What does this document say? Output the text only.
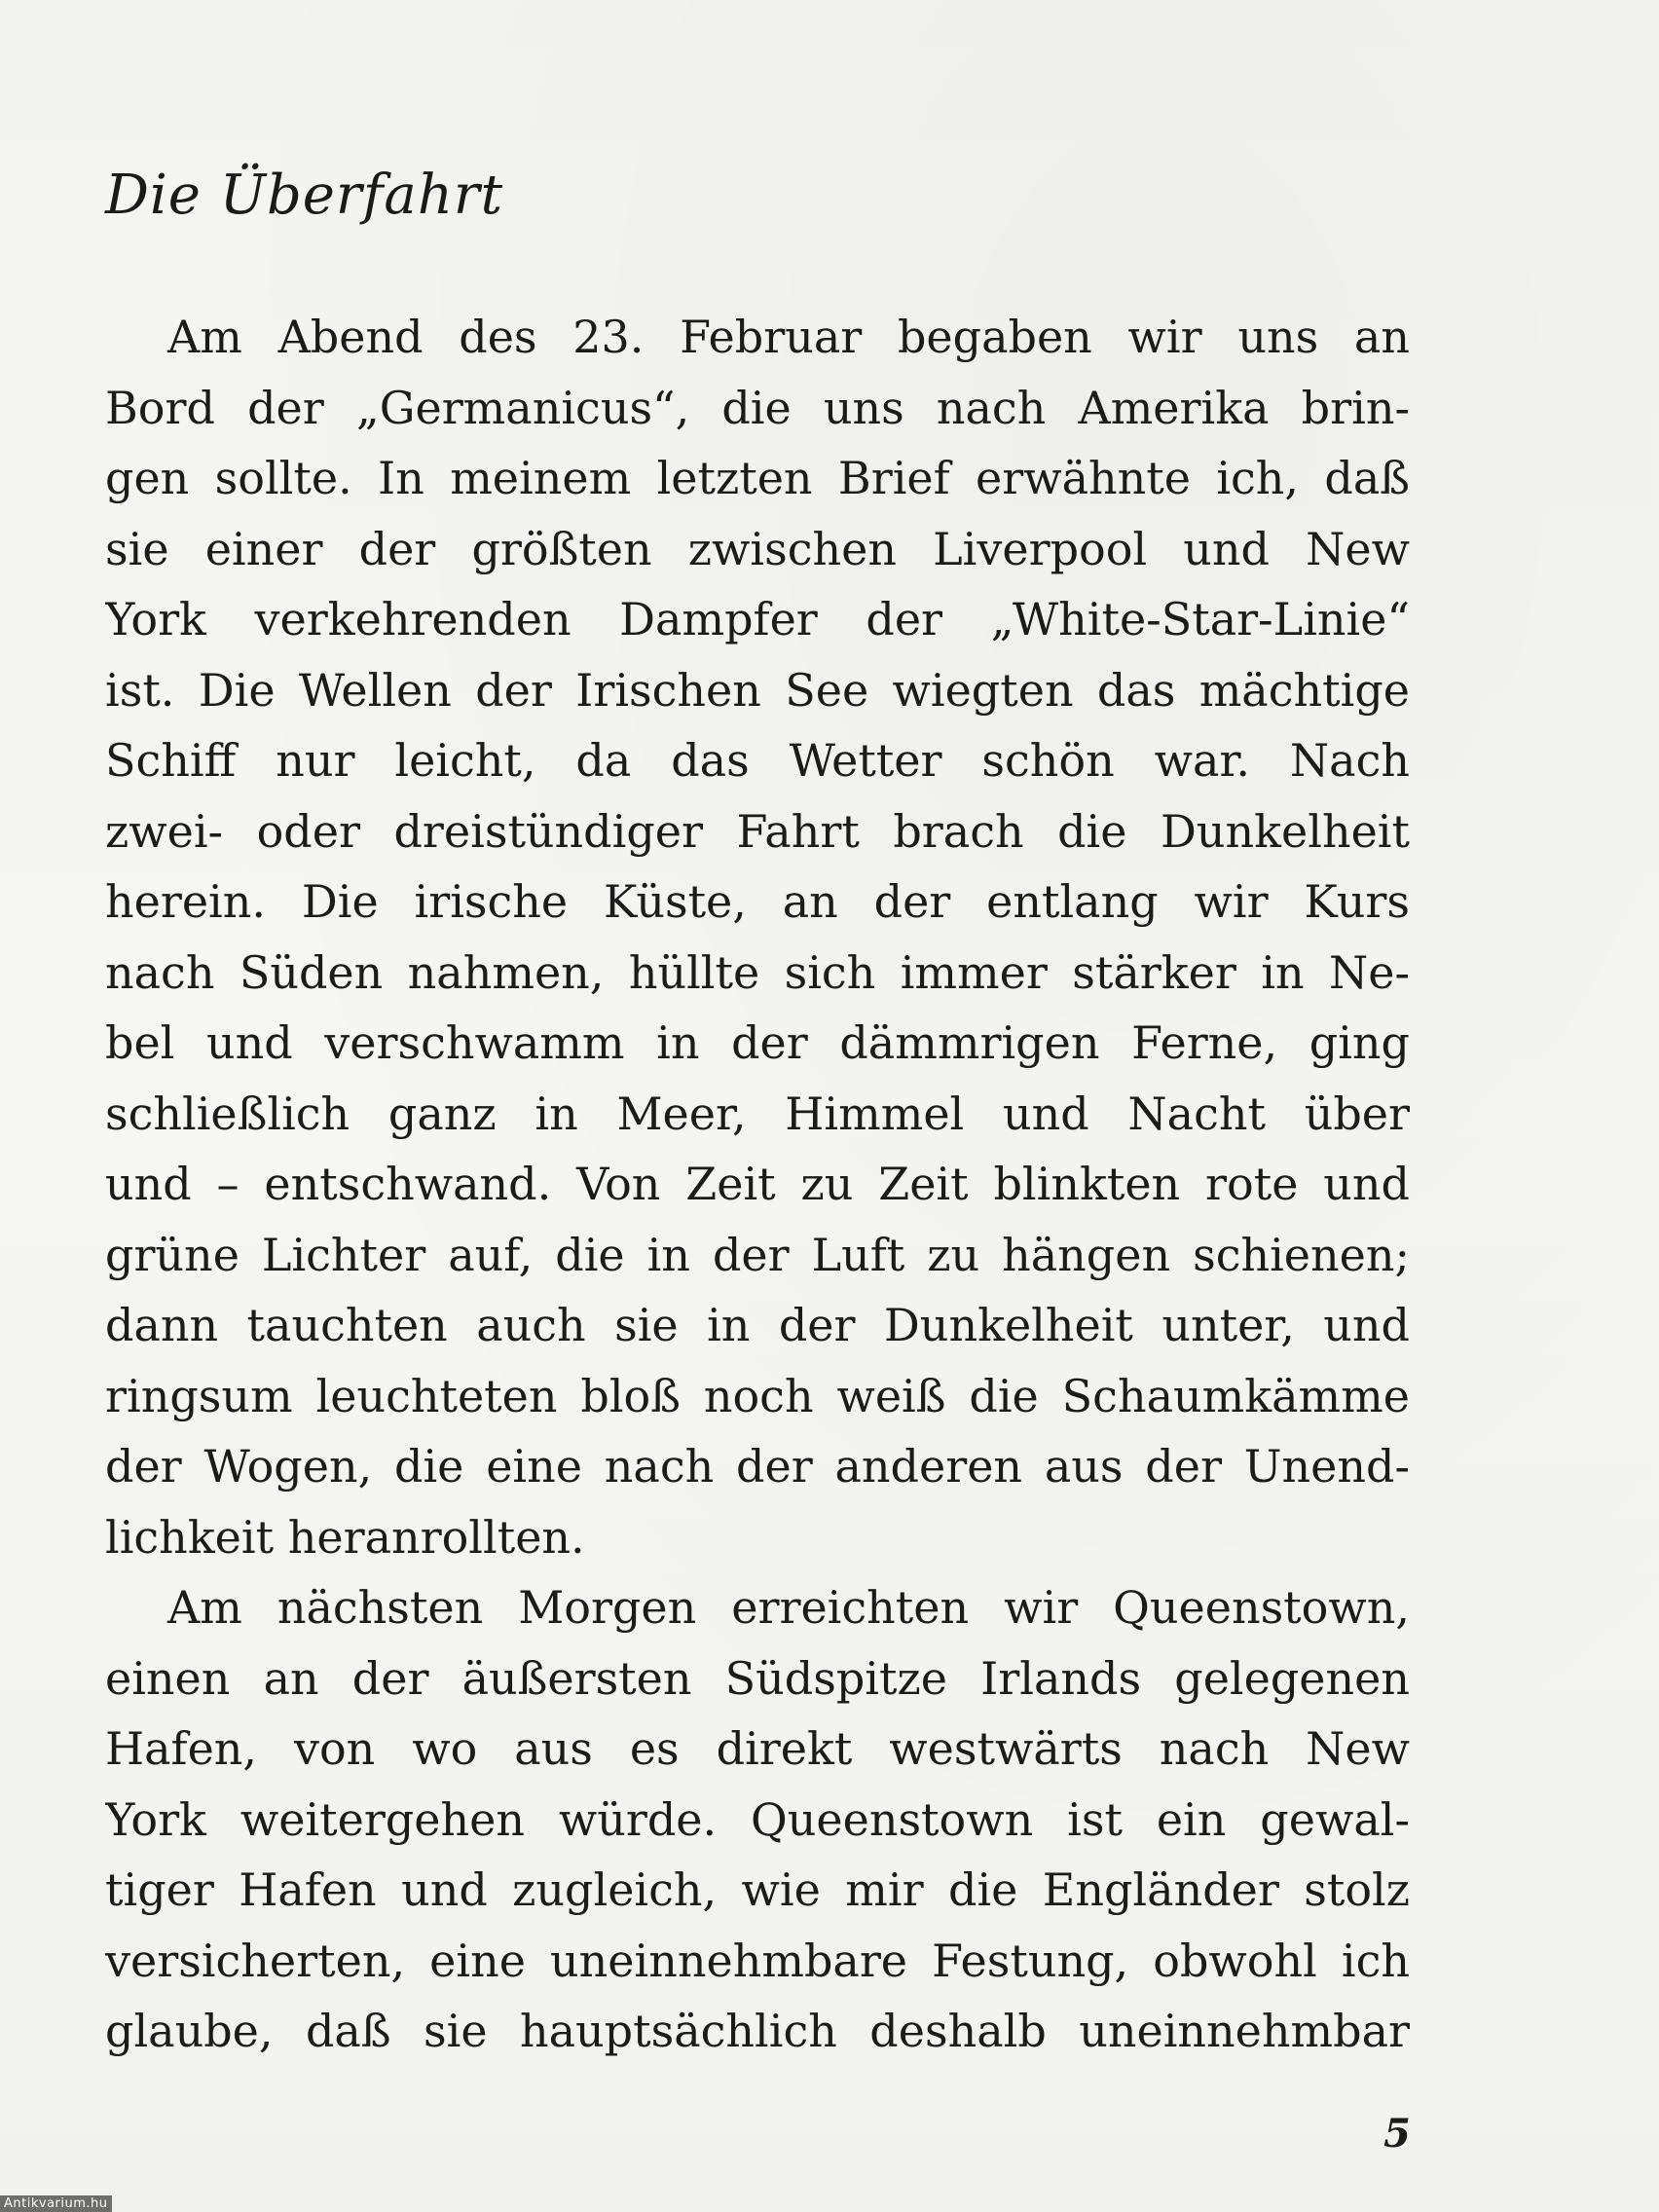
Die Überfahrt

Am Abend des 23. Februar begaben wir uns an
Bord der „Germanicus“, die uns nach Amerika brin-
gen sollte. In meinem letzten Brief erwähnte ich, daß
sie einer der größten zwischen Liverpool und New
York verkehrenden Dampfer der „White-Star-Linie“
ist. Die Wellen der Irischen See wiegten das mächtige
Schiff nur leicht, da das Wetter schön war. Nach
zwei- oder dreistündiger Fahrt brach die Dunkelheit
herein. Die irische Küste, an der entlang wir Kurs
nach Süden nahmen, hüllte sich immer stärker in Ne-
bel und verschwamm in der dämmrigen Ferne, ging
schließlich ganz in Meer, Himmel und Nacht über
und – entschwand. Von Zeit zu Zeit blinkten rote und
grüne Lichter auf, die in der Luft zu hängen schienen;
dann tauchten auch sie in der Dunkelheit unter, und
ringsum leuchteten bloß noch weiß die Schaumkämme
der Wogen, die eine nach der anderen aus der Unend-
lichkeit heranrollten.

Am nächsten Morgen erreichten wir Queenstown,
einen an der äußersten Südspitze Irlands gelegenen
Hafen, von wo aus es direkt westwärts nach New
York weitergehen würde. Queenstown ist ein gewal-
tiger Hafen und zugleich, wie mir die Engländer stolz
versicherten, eine uneinnehmbare Festung, obwohl ich
glaube, daß sie hauptsächlich deshalb uneinnehmbar

5
Antikvarium.hu
